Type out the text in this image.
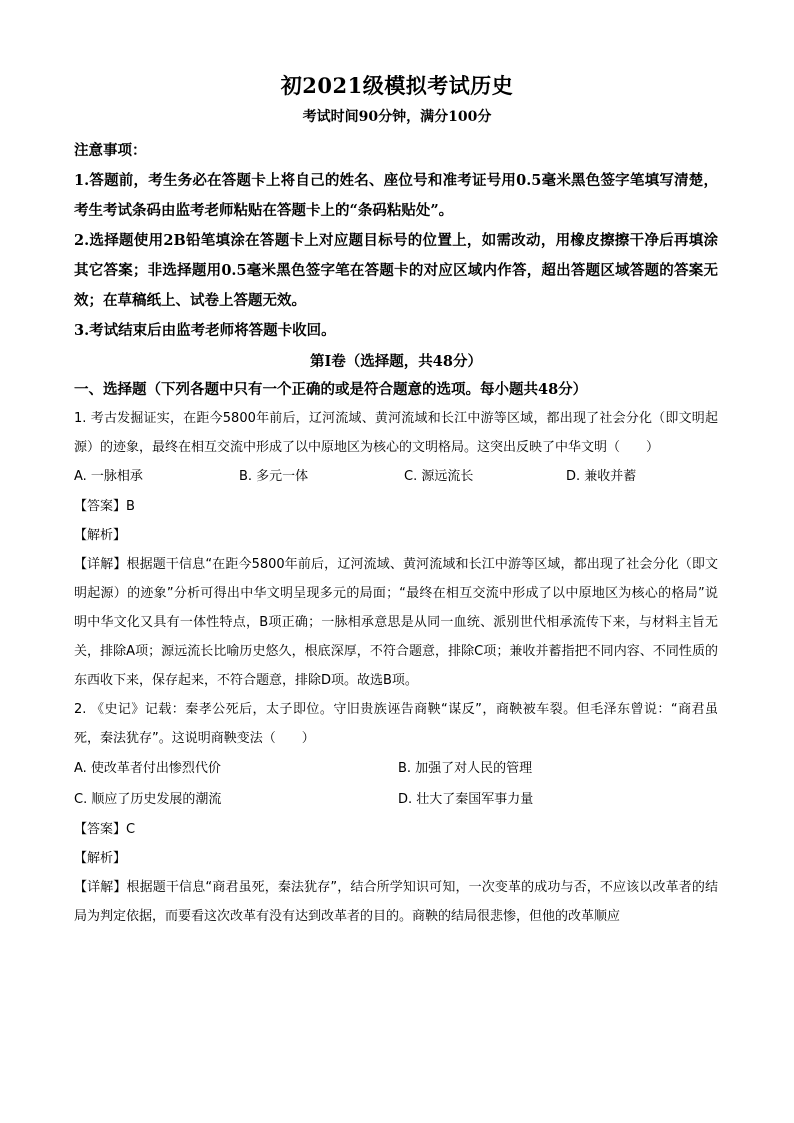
初2021级模拟考试历史
考试时间90分钟，满分100分

注意事项：

1.答题前，考生务必在答题卡上将自己的姓名、座位号和准考证号用0.5毫米黑色签字笔填写清楚，考生考试条码由监考老师粘贴在答题卡上的“条码粘贴处”。

2.选择题使用2B铅笔填涂在答题卡上对应题目标号的位置上，如需改动，用橡皮擦擦干净后再填涂其它答案；非选择题用0.5毫米黑色签字笔在答题卡的对应区域内作答，超出答题区域答题的答案无效；在草稿纸上、试卷上答题无效。

3.考试结束后由监考老师将答题卡收回。

第Ⅰ卷（选择题，共48分）
一、选择题（下列各题中只有一个正确的或是符合题意的选项。每小题共48分）

1. 考古发掘证实，在距今5800年前后，辽河流域、黄河流域和长江中游等区域，都出现了社会分化（即文明起源）的迹象，最终在相互交流中形成了以中原地区为核心的文明格局。这突出反映了中华文明（　　）

A. 一脉相承	B. 多元一体	C. 源远流长	D. 兼收并蓄

【答案】B

【解析】

【详解】根据题干信息“在距今5800年前后，辽河流域、黄河流域和长江中游等区域，都出现了社会分化（即文明起源）的迹象”分析可得出中华文明呈现多元的局面；“最终在相互交流中形成了以中原地区为核心的格局”说明中华文化又具有一体性特点，B项正确；一脉相承意思是从同一血统、派别世代相承流传下来，与材料主旨无关，排除A项；源远流长比喻历史悠久，根底深厚，不符合题意，排除C项；兼收并蓄指把不同内容、不同性质的东西收下来，保存起来，不符合题意，排除D项。故选B项。

2. 《史记》记载：秦孝公死后，太子即位。守旧贵族诬告商鞅“谋反”，商鞅被车裂。但毛泽东曾说：“商君虽死，秦法犹存”。这说明商鞅变法（　　）

A. 使改革者付出惨烈代价	B. 加强了对人民的管理
C. 顺应了历史发展的潮流	D. 壮大了秦国军事力量

【答案】C

【解析】

【详解】根据题干信息“商君虽死，秦法犹存”，结合所学知识可知，一次变革的成功与否，不应该以改革者的结局为判定依据，而要看这次改革有没有达到改革者的目的。商鞅的结局很悲惨，但他的改革顺应
